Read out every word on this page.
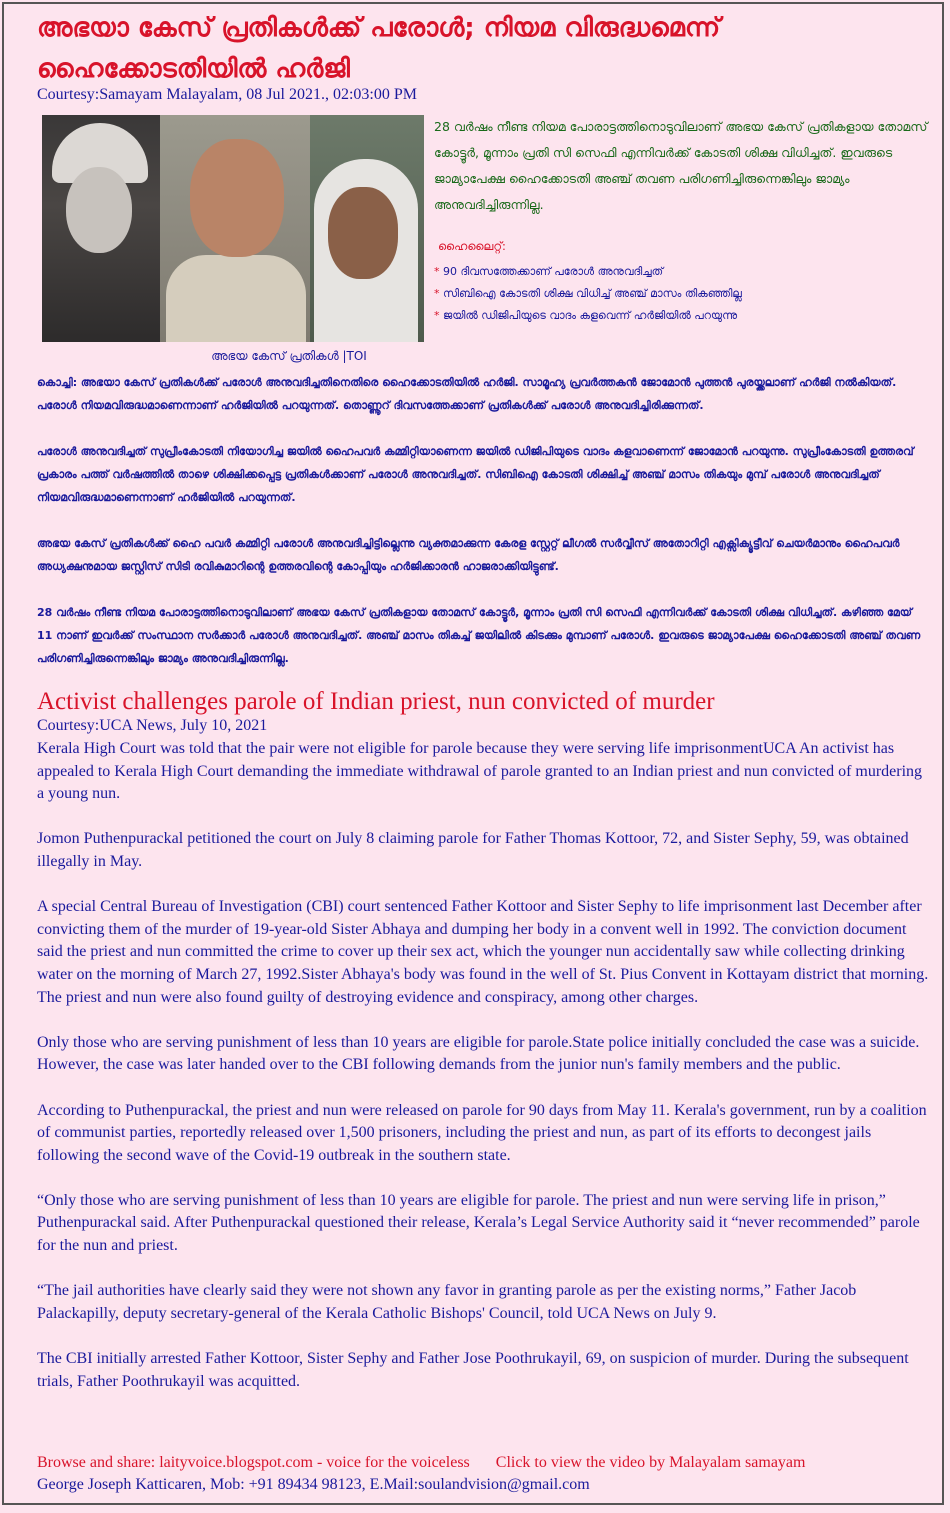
അഭയാ കേസ് പ്രതികൾക്ക് പരോൾ; നിയമ വിരുദ്ധമെന്ന് ഹൈക്കോടതിയിൽ ഹർജി
Courtesy:Samayam Malayalam, 08 Jul 2021., 02:03:00 PM
അഭയ കേസ് പ്രതികൾ |TOI

28 വർഷം നീണ്ട നിയമ പോരാട്ടത്തിനൊടുവിലാണ് അഭയ കേസ് പ്രതികളായ തോമസ് കോട്ടൂർ, മൂന്നാം പ്രതി സി സെഫി എന്നിവർക്ക് കോടതി ശിക്ഷ വിധിച്ചത്. ഇവരുടെ ജാമ്യാപേക്ഷ ഹൈക്കോടതി അഞ്ച് തവണ പരിഗണിച്ചിരുന്നെങ്കിലും ജാമ്യം അനുവദിച്ചിരുന്നില്ല.

ഹൈലൈറ്റ്:
* 90 ദിവസത്തേക്കാണ് പരോൾ അനുവദിച്ചത്
* സിബിഐ കോടതി ശിക്ഷ വിധിച്ച് അഞ്ച് മാസം തികഞ്ഞില്ല
* ജയിൽ ഡിജിപിയുടെ വാദം കളവെന്ന് ഹർജിയിൽ പറയുന്നു

കൊച്ചി: അഭയാ കേസ് പ്രതികൾക്ക് പരോൾ അനുവദിച്ചതിനെതിരെ ഹൈക്കോടതിയിൽ ഹർജി. സാമൂഹ്യ പ്രവർത്തകൻ ജോമോൻ പുത്തൻ പുരയ്ക്കലാണ് ഹർജി നൽകിയത്. പരോൾ നിയമവിരുദ്ധമാണെന്നാണ് ഹർജിയിൽ പറയുന്നത്. തൊണ്ണൂറ് ദിവസത്തേക്കാണ് പ്രതികൾക്ക് പരോൾ അനുവദിച്ചിരിക്കുന്നത്.

പരോൾ അനുവദിച്ചത് സുപ്രീംകോടതി നിയോഗിച്ച ജയിൽ ഹൈപവർ കമ്മിറ്റിയാണെന്ന ജയിൽ ഡിജിപിയുടെ വാദം കളവാണെന്ന് ജോമോൻ പറയുന്നു. സുപ്രീംകോടതി ഉത്തരവ് പ്രകാരം പത്ത് വർഷത്തിൽ താഴെ ശിക്ഷിക്കപ്പെട്ട പ്രതികൾക്കാണ് പരോൾ അനുവദിച്ചത്. സിബിഐ കോടതി ശിക്ഷിച്ച് അഞ്ച് മാസം തികയും മുമ്പ് പരോൾ അനുവദിച്ചത് നിയമവിരുദ്ധമാണെന്നാണ് ഹർജിയിൽ പറയുന്നത്.

അഭയ കേസ് പ്രതികൾക്ക് ഹൈ പവർ കമ്മിറ്റി പരോൾ അനുവദിച്ചിട്ടില്ലെന്നു വ്യക്തമാക്കുന്ന കേരള സ്റ്റേറ്റ് ലീഗൽ സർവ്വീസ് അതോറിറ്റി എക്സിക്യൂട്ടീവ് ചെയർമാനും ഹൈപവർ അധ്യക്ഷനുമായ ജസ്റ്റിസ് സിടി രവികുമാറിന്റെ ഉത്തരവിന്റെ കോപ്പിയും ഹർജിക്കാരൻ ഹാജരാക്കിയിട്ടുണ്ട്.

28 വർഷം നീണ്ട നിയമ പോരാട്ടത്തിനൊടുവിലാണ് അഭയ കേസ് പ്രതികളായ തോമസ് കോട്ടൂർ, മൂന്നാം പ്രതി സി സെഫി എന്നിവർക്ക് കോടതി ശിക്ഷ വിധിച്ചത്. കഴിഞ്ഞ മേയ് 11 നാണ് ഇവർക്ക് സംസ്ഥാന സർക്കാർ പരോൾ അനുവദിച്ചത്. അഞ്ച് മാസം തികച്ച് ജയിലിൽ കിടക്കും മുമ്പാണ് പരോൾ. ഇവരുടെ ജാമ്യാപേക്ഷ ഹൈക്കോടതി അഞ്ച് തവണ പരിഗണിച്ചിരുന്നെങ്കിലും ജാമ്യം അനുവദിച്ചിരുന്നില്ല.

Activist challenges parole of Indian priest, nun convicted of murder
Courtesy:UCA News, July 10, 2021

Kerala High Court was told that the pair were not eligible for parole because they were serving life imprisonmentUCA An activist has appealed to Kerala High Court demanding the immediate withdrawal of parole granted to an Indian priest and nun convicted of murdering a young nun.

Jomon Puthenpurackal petitioned the court on July 8 claiming parole for Father Thomas Kottoor, 72, and Sister Sephy, 59, was obtained illegally in May.

A special Central Bureau of Investigation (CBI) court sentenced Father Kottoor and Sister Sephy to life imprisonment last December after convicting them of the murder of 19-year-old Sister Abhaya and dumping her body in a convent well in 1992. The conviction document said the priest and nun committed the crime to cover up their sex act, which the younger nun accidentally saw while collecting drinking water on the morning of March 27, 1992.Sister Abhaya's body was found in the well of St. Pius Convent in Kottayam district that morning. The priest and nun were also found guilty of destroying evidence and conspiracy, among other charges.

Only those who are serving punishment of less than 10 years are eligible for parole.State police initially concluded the case was a suicide. However, the case was later handed over to the CBI following demands from the junior nun's family members and the public.

According to Puthenpurackal, the priest and nun were released on parole for 90 days from May 11. Kerala's government, run by a coalition of communist parties, reportedly released over 1,500 prisoners, including the priest and nun, as part of its efforts to decongest jails following the second wave of the Covid-19 outbreak in the southern state.

“Only those who are serving punishment of less than 10 years are eligible for parole. The priest and nun were serving life in prison,” Puthenpurackal said. After Puthenpurackal questioned their release, Kerala’s Legal Service Authority said it “never recommended” parole for the nun and priest.

“The jail authorities have clearly said they were not shown any favor in granting parole as per the existing norms,” Father Jacob Palackapilly, deputy secretary-general of the Kerala Catholic Bishops' Council, told UCA News on July 9.

The CBI initially arrested Father Kottoor, Sister Sephy and Father Jose Poothrukayil, 69, on suspicion of murder. During the subsequent trials, Father Poothrukayil was acquitted.

Browse and share: laityvoice.blogspot.com - voice for the voiceless Click to view the video by Malayalam samayam
George Joseph Katticaren, Mob: +91 89434 98123, E.Mail:soulandvision@gmail.com
